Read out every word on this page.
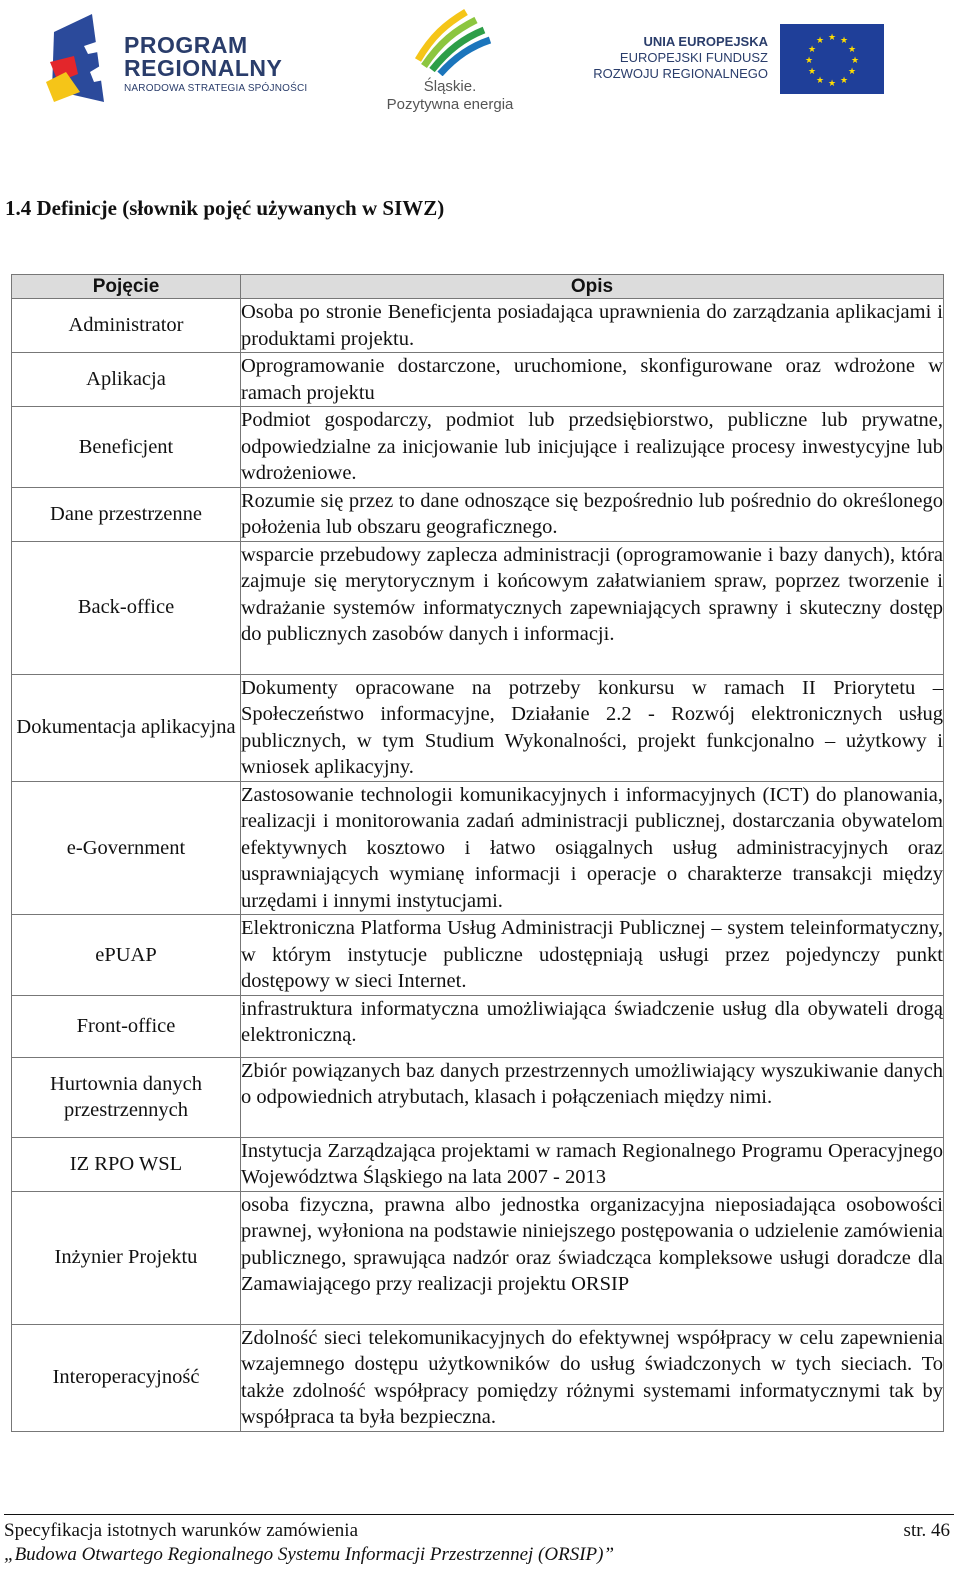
PROGRAM
REGIONALNY
NARODOWA STRATEGIA SPÓJNOŚCI	Śląskie.
Pozytywna energia
UNIA EUROPEJSKA
EUROPEJSKI FUNDUSZ
ROZWOJU REGIONALNEGO
★ ★
★
★
★
★
★
★
★
★
★
★
1.4 Definicje (słownik pojęć używanych w SIWZ)
Pojęcie	Opis
Administrator	Osoba po stronie Beneficjenta posiadająca uprawnienia do zarządzania aplikacjami i produktami projektu.
Aplikacja	Oprogramowanie dostarczone, uruchomione, skonfigurowane oraz wdrożone w ramach projektu
Beneficjent	Podmiot gospodarczy, podmiot lub przedsiębiorstwo, publiczne lub prywatne, odpowiedzialne za inicjowanie lub inicjujące i realizujące procesy inwestycyjne lub wdrożeniowe.
Dane przestrzenne	Rozumie się przez to dane odnoszące się bezpośrednio lub pośrednio do określonego położenia lub obszaru geograficznego.
Back-office	wsparcie przebudowy zaplecza administracji (oprogramowanie i bazy danych), która zajmuje się merytorycznym i końcowym załatwianiem spraw, poprzez tworzenie i wdrażanie systemów informatycznych zapewniających sprawny i skuteczny dostęp do publicznych zasobów danych i informacji.
Dokumentacja aplikacyjna	Dokumenty opracowane na potrzeby konkursu w ramach II Priorytetu – Społeczeństwo informacyjne, Działanie 2.2 - Rozwój elektronicznych usług publicznych, w tym Studium Wykonalności, projekt funkcjonalno – użytkowy i wniosek aplikacyjny.
e-Government	Zastosowanie technologii komunikacyjnych i informacyjnych (ICT) do planowania, realizacji i monitorowania zadań administracji publicznej, dostarczania obywatelom efektywnych kosztowo i łatwo osiągalnych usług administracyjnych oraz usprawniających wymianę informacji i operacje o charakterze transakcji między urzędami i innymi instytucjami.
ePUAP	Elektroniczna Platforma Usług Administracji Publicznej – system teleinformatyczny, w którym instytucje publiczne udostępniają usługi przez pojedynczy punkt dostępowy w sieci Internet.
Front-office	infrastruktura informatyczna umożliwiająca świadczenie usług dla obywateli drogą elektroniczną.
Hurtownia danych przestrzennych	Zbiór powiązanych baz danych przestrzennych umożliwiający wyszukiwanie danych o odpowiednich atrybutach, klasach i połączeniach między nimi.
IZ RPO WSL	Instytucja Zarządzająca projektami w ramach Regionalnego Programu Operacyjnego Województwa Śląskiego na lata 2007 - 2013
Inżynier Projektu	osoba fizyczna, prawna albo jednostka organizacyjna nieposiadająca osobowości prawnej, wyłoniona na podstawie niniejszego postępowania o udzielenie zamówienia publicznego, sprawująca nadzór oraz świadcząca kompleksowe usługi doradcze dla Zamawiającego przy realizacji projektu ORSIP
Interoperacyjność	Zdolność sieci telekomunikacyjnych do efektywnej współpracy w celu zapewnienia wzajemnego dostępu użytkowników do usług świadczonych w tych sieciach. To także zdolność współpracy pomiędzy różnymi systemami informatycznymi tak by współpraca ta była bezpieczna.
Specyfikacja istotnych warunków zamówienia	str. 46
„Budowa Otwartego Regionalnego Systemu Informacji Przestrzennej (ORSIP)”
